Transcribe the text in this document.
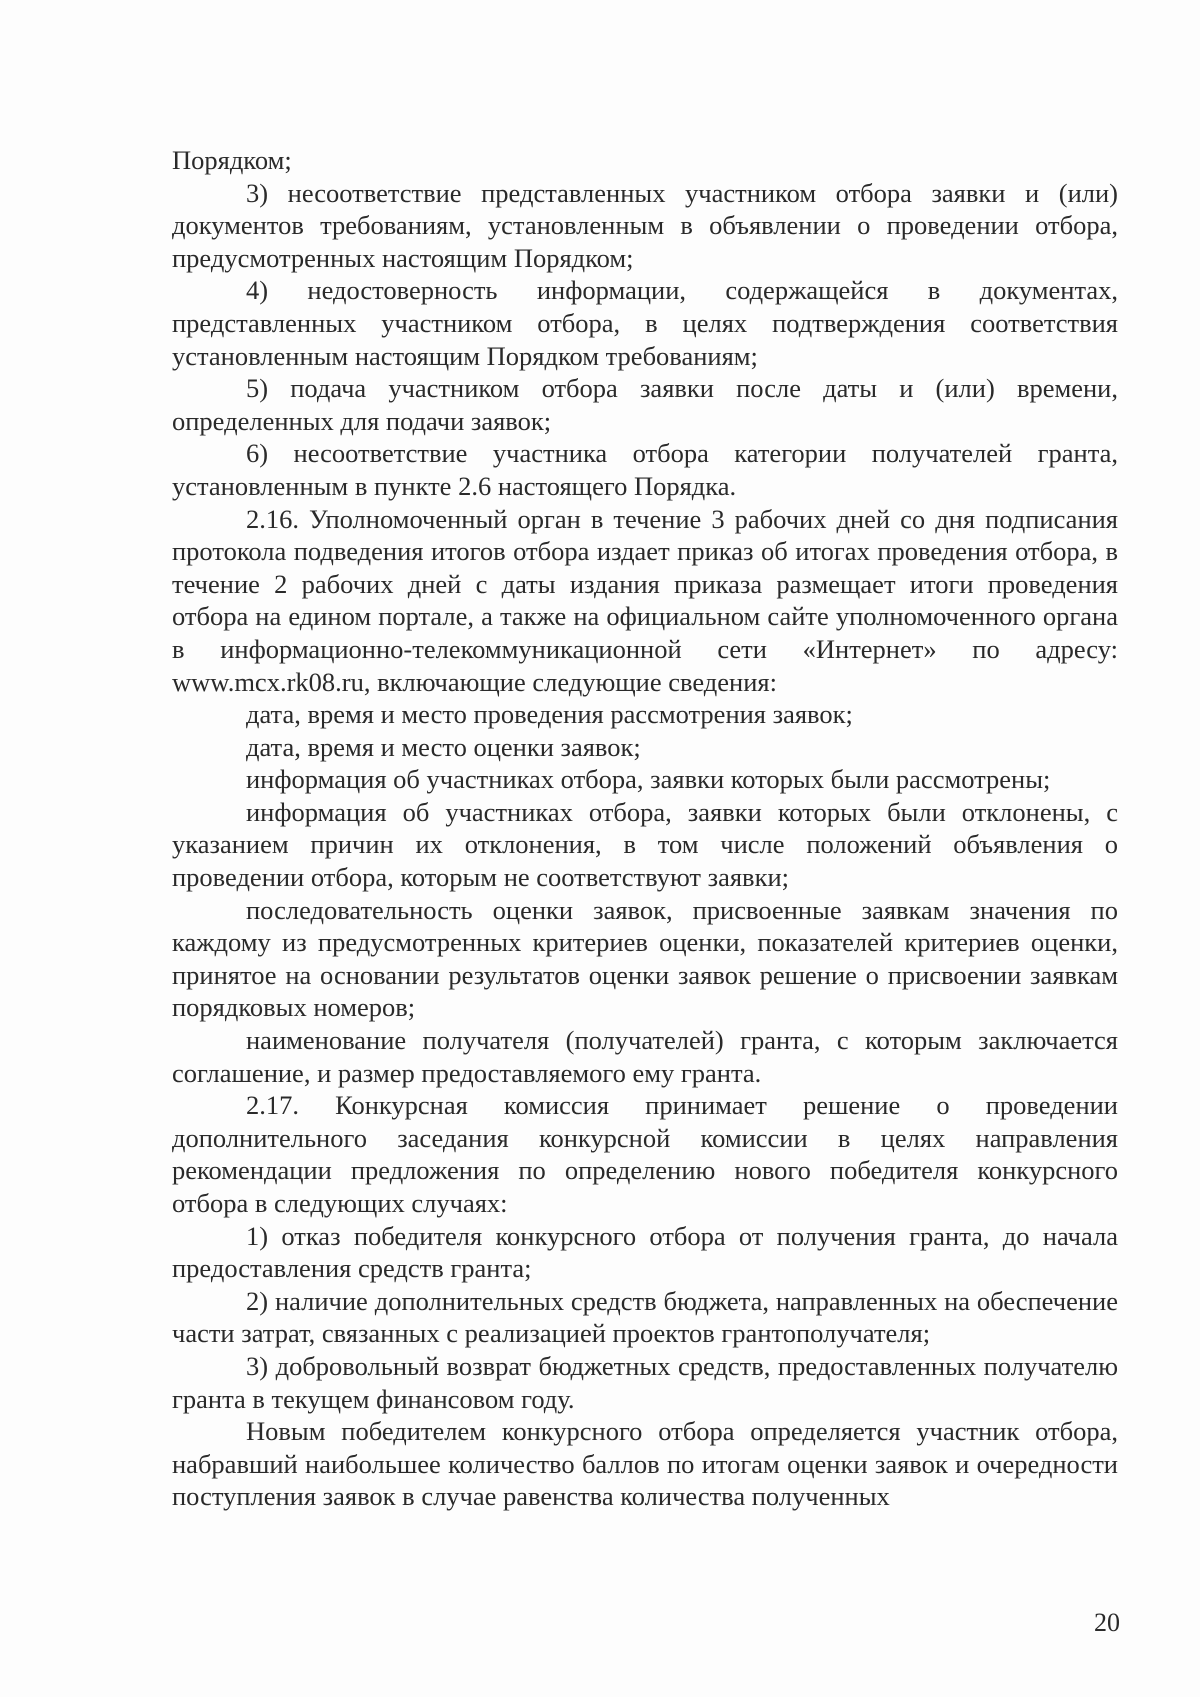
Порядком;

3) несоответствие представленных участником отбора заявки и (или) документов требованиям, установленным в объявлении о проведении отбора, предусмотренных настоящим Порядком;

4) недостоверность информации, содержащейся в документах, представленных участником отбора, в целях подтверждения соответствия установленным настоящим Порядком требованиям;

5) подача участником отбора заявки после даты и (или) времени, определенных для подачи заявок;

6) несоответствие участника отбора категории получателей гранта, установленным в пункте 2.6 настоящего Порядка.

2.16. Уполномоченный орган в течение 3 рабочих дней со дня подписания протокола подведения итогов отбора издает приказ об итогах проведения отбора, в течение 2 рабочих дней с даты издания приказа размещает итоги проведения отбора на едином портале, а также на официальном сайте уполномоченного органа в информационно-телекоммуникационной сети «Интернет» по адресу: www.mcx.rk08.ru, включающие следующие сведения:

дата, время и место проведения рассмотрения заявок;

дата, время и место оценки заявок;

информация об участниках отбора, заявки которых были рассмотрены;

информация об участниках отбора, заявки которых были отклонены, с указанием причин их отклонения, в том числе положений объявления о проведении отбора, которым не соответствуют заявки;

последовательность оценки заявок, присвоенные заявкам значения по каждому из предусмотренных критериев оценки, показателей критериев оценки, принятое на основании результатов оценки заявок решение о присвоении заявкам порядковых номеров;

наименование получателя (получателей) гранта, с которым заключается соглашение, и размер предоставляемого ему гранта.

2.17. Конкурсная комиссия принимает решение о проведении дополнительного заседания конкурсной комиссии в целях направления рекомендации предложения по определению нового победителя конкурсного отбора в следующих случаях:

1) отказ победителя конкурсного отбора от получения гранта, до начала предоставления средств гранта;

2) наличие дополнительных средств бюджета, направленных на обеспечение части затрат, связанных с реализацией проектов грантополучателя;

3) добровольный возврат бюджетных средств, предоставленных получателю гранта в текущем финансовом году.

Новым победителем конкурсного отбора определяется участник отбора, набравший наибольшее количество баллов по итогам оценки заявок и очередности поступления заявок в случае равенства количества полученных

20
